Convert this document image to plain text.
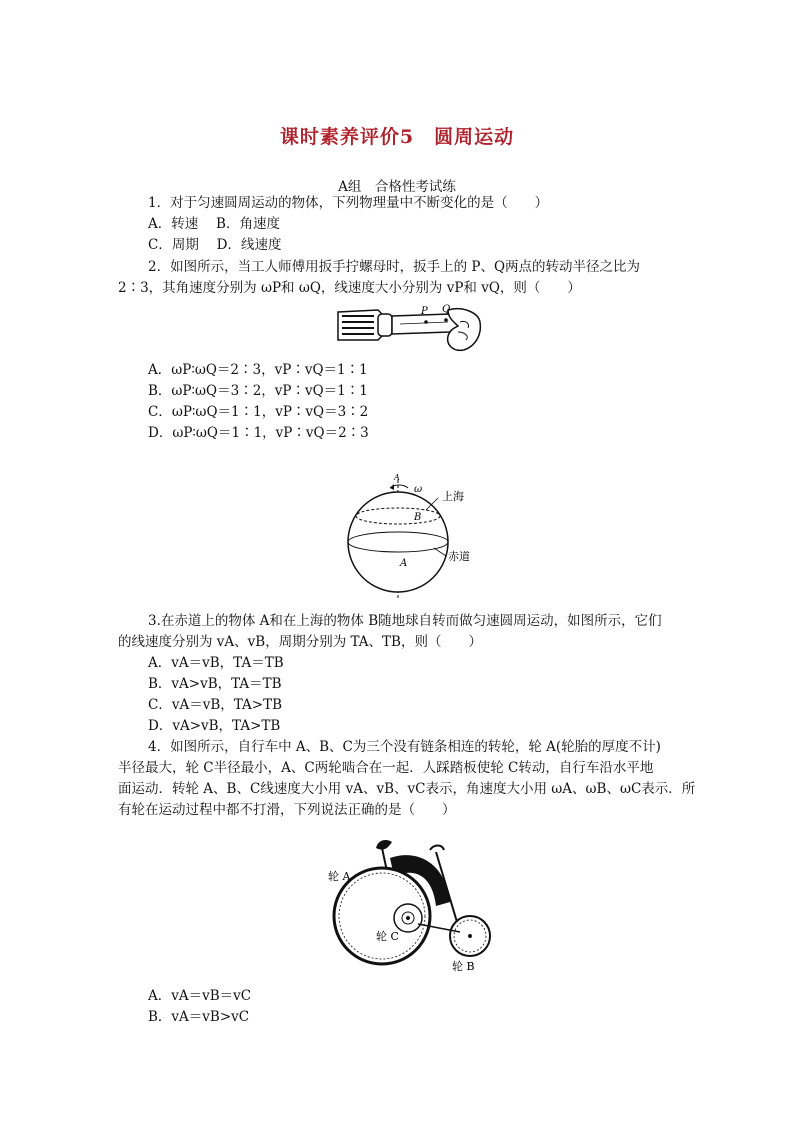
课时素养评价5　圆周运动
A组　合格性考试练
1．对于匀速圆周运动的物体，下列物理量中不断变化的是（　　）
A．转速　 B．角速度
C．周期　 D．线速度
2．如图所示，当工人师傅用扳手拧螺母时，扳手上的 P、Q两点的转动半径之比为
2∶3，其角速度分别为 ωP和 ωQ，线速度大小分别为 vP和 vQ，则（　　）
P Q
A．ωP∶ωQ＝2∶3，vP∶vQ＝1∶1
B．ωP∶ωQ＝3∶2，vP∶vQ＝1∶1
C．ωP∶ωQ＝1∶1，vP∶vQ＝3∶2
D．ωP∶ωQ＝1∶1，vP∶vQ＝2∶3
ω
上海
B
赤道
A
A
3.在赤道上的物体 A和在上海的物体 B随地球自转而做匀速圆周运动，如图所示，它们
的线速度分别为 vA、vB，周期分别为 TA、TB，则（　　）
A．vA＝vB，TA＝TB
B．vA>vB，TA＝TB
C．vA＝vB，TA>TB
D．vA>vB，TA>TB
4．如图所示，自行车中 A、B、C为三个没有链条相连的转轮，轮 A(轮胎的厚度不计)
半径最大，轮 C半径最小，A、C两轮啮合在一起．人踩踏板使轮 C转动，自行车沿水平地
面运动．转轮 A、B、C线速度大小用 vA、vB、vC表示，角速度大小用 ωA、ωB、ωC表示．所
有轮在运动过程中都不打滑，下列说法正确的是（　　）
轮 A
轮 C
轮 B
A．vA＝vB＝vC
B．vA＝vB>vC
